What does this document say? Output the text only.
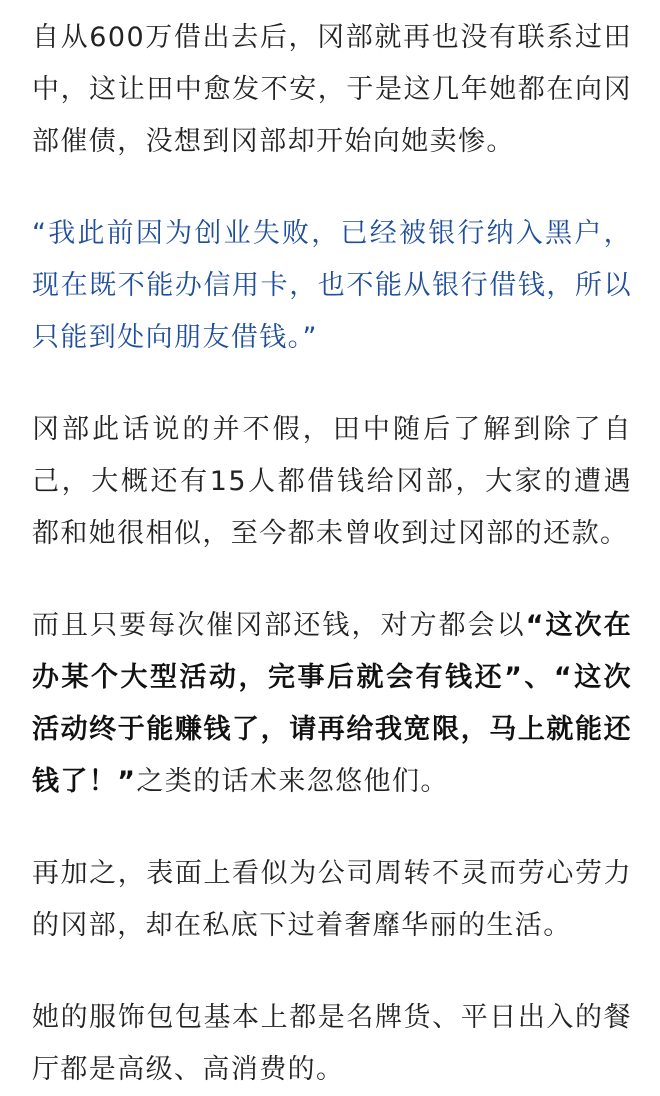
自从600万借出去后，冈部就再也没有联系过田中，这让田中愈发不安，于是这几年她都在向冈部催债，没想到冈部却开始向她卖惨。

“我此前因为创业失败，已经被银行纳入黑户，现在既不能办信用卡，也不能从银行借钱，所以只能到处向朋友借钱。”

冈部此话说的并不假，田中随后了解到除了自己，大概还有15人都借钱给冈部，大家的遭遇都和她很相似，至今都未曾收到过冈部的还款。

而且只要每次催冈部还钱，对方都会以“这次在办某个大型活动，完事后就会有钱还”、“这次活动终于能赚钱了，请再给我宽限，马上就能还钱了！”之类的话术来忽悠他们。

再加之，表面上看似为公司周转不灵而劳心劳力的冈部，却在私底下过着奢靡华丽的生活。

她的服饰包包基本上都是名牌货、平日出入的餐厅都是高级、高消费的。
